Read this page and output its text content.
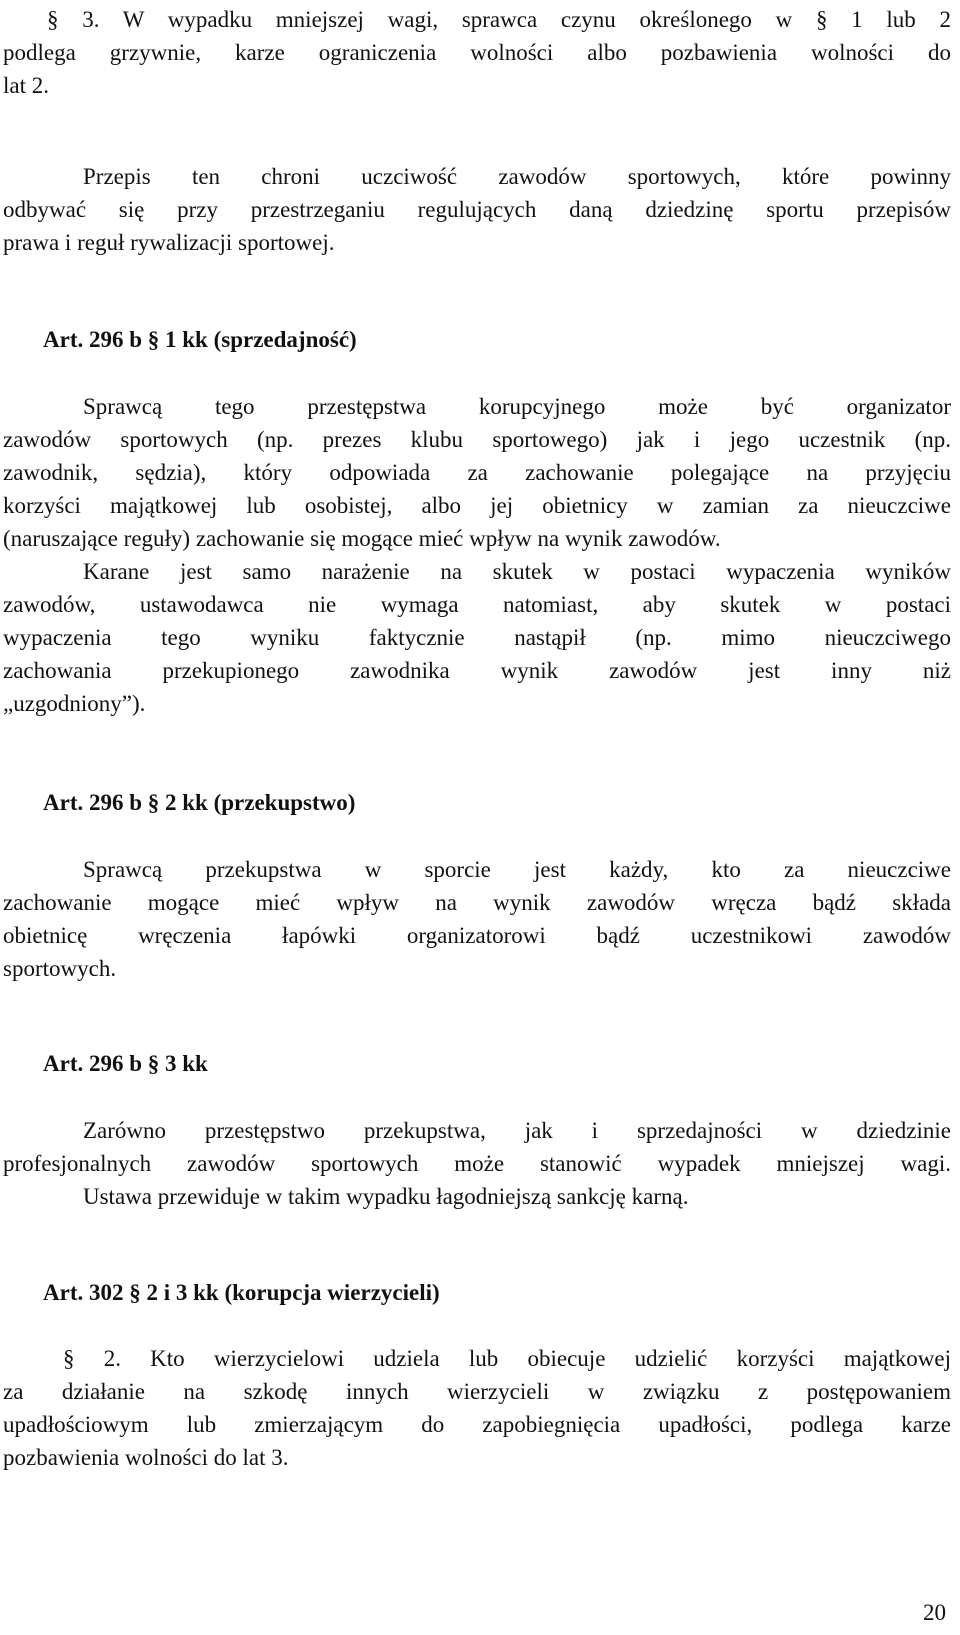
§ 3. W wypadku mniejszej wagi, sprawca czynu określonego w § 1 lub 2
podlega grzywnie, karze ograniczenia wolności albo pozbawienia wolności do
lat 2.
Przepis ten chroni uczciwość zawodów sportowych, które powinny
odbywać się przy przestrzeganiu regulujących daną dziedzinę sportu przepisów
prawa i reguł rywalizacji sportowej.
Art. 296 b § 1 kk (sprzedajność)
Sprawcą tego przestępstwa korupcyjnego może być organizator
zawodów sportowych (np. prezes klubu sportowego) jak i jego uczestnik (np.
zawodnik, sędzia), który odpowiada za zachowanie polegające na przyjęciu
korzyści majątkowej lub osobistej, albo jej obietnicy w zamian za nieuczciwe
(naruszające reguły) zachowanie się mogące mieć wpływ na wynik zawodów.
Karane jest samo narażenie na skutek w postaci wypaczenia wyników
zawodów, ustawodawca nie wymaga natomiast, aby skutek w postaci
wypaczenia tego wyniku faktycznie nastąpił (np. mimo nieuczciwego
zachowania przekupionego zawodnika wynik zawodów jest inny niż
„uzgodniony”).
Art. 296 b § 2 kk (przekupstwo)
Sprawcą przekupstwa w sporcie jest każdy, kto za nieuczciwe
zachowanie mogące mieć wpływ na wynik zawodów wręcza bądź składa
obietnicę wręczenia łapówki organizatorowi bądź uczestnikowi zawodów
sportowych.
Art. 296 b § 3 kk
Zarówno przestępstwo przekupstwa, jak i sprzedajności w dziedzinie
profesjonalnych zawodów sportowych może stanowić wypadek mniejszej wagi.
Ustawa przewiduje w takim wypadku łagodniejszą sankcję karną.
Art. 302 § 2 i 3 kk (korupcja wierzycieli)
§ 2. Kto wierzycielowi udziela lub obiecuje udzielić korzyści majątkowej
za działanie na szkodę innych wierzycieli w związku z postępowaniem
upadłościowym lub zmierzającym do zapobiegnięcia upadłości, podlega karze
pozbawienia wolności do lat 3.
20
